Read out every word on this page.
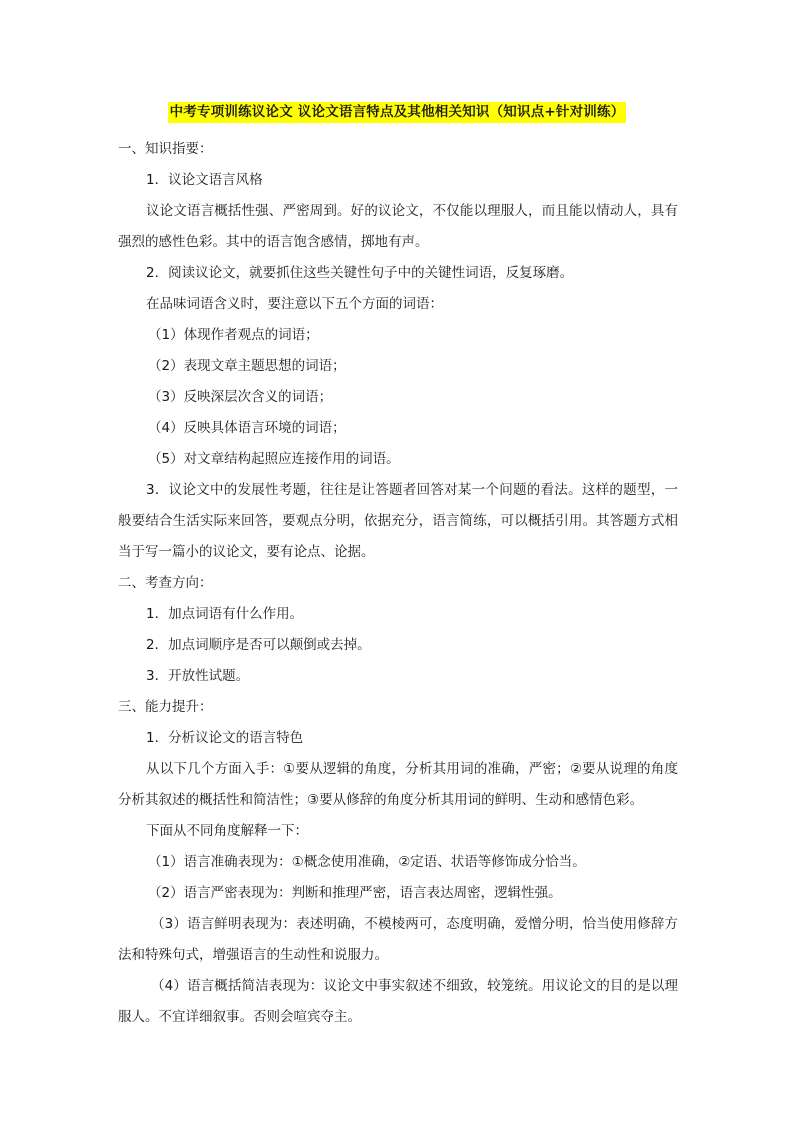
中考专项训练议论文 议论文语言特点及其他相关知识（知识点+针对训练）

一、知识指要：

1．议论文语言风格

议论文语言概括性强、严密周到。好的议论文，不仅能以理服人，而且能以情动人，具有强烈的感性色彩。其中的语言饱含感情，掷地有声。

2．阅读议论文，就要抓住这些关键性句子中的关键性词语，反复琢磨。

在品味词语含义时，要注意以下五个方面的词语：

（1）体现作者观点的词语；

（2）表现文章主题思想的词语；

（3）反映深层次含义的词语；

（4）反映具体语言环境的词语；

（5）对文章结构起照应连接作用的词语。

3．议论文中的发展性考题，往往是让答题者回答对某一个问题的看法。这样的题型，一般要结合生活实际来回答，要观点分明，依据充分，语言简练，可以概括引用。其答题方式相当于写一篇小的议论文，要有论点、论据。

二、考查方向：

1．加点词语有什么作用。

2．加点词顺序是否可以颠倒或去掉。

3．开放性试题。

三、能力提升：

1．分析议论文的语言特色

从以下几个方面入手：①要从逻辑的角度，分析其用词的准确，严密；②要从说理的角度分析其叙述的概括性和简洁性；③要从修辞的角度分析其用词的鲜明、生动和感情色彩。

下面从不同角度解释一下：

（1）语言准确表现为：①概念使用准确，②定语、状语等修饰成分恰当。

（2）语言严密表现为：判断和推理严密，语言表达周密，逻辑性强。

（3）语言鲜明表现为：表述明确，不模棱两可，态度明确，爱憎分明，恰当使用修辞方法和特殊句式，增强语言的生动性和说服力。

（4）语言概括简洁表现为：议论文中事实叙述不细致，较笼统。用议论文的目的是以理服人。不宜详细叙事。否则会喧宾夺主。
